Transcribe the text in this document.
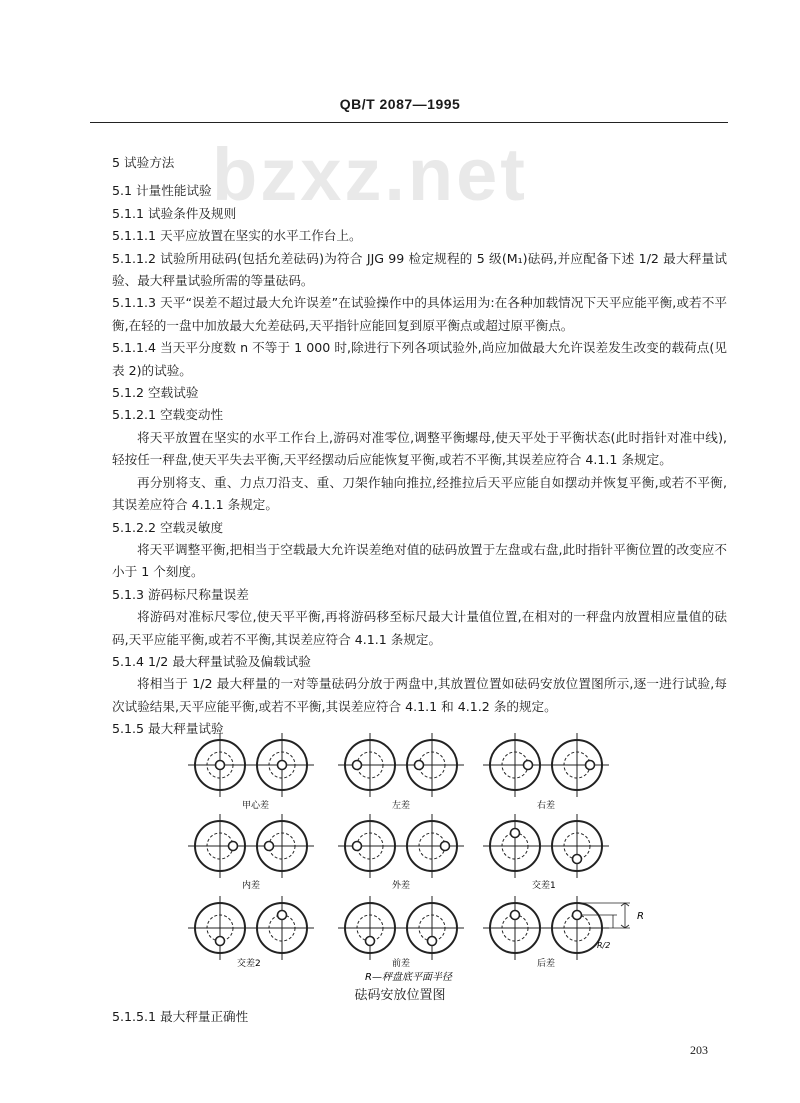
QB/T 2087—1995
bzxz.net

5 试验方法

5.1 计量性能试验

5.1.1 试验条件及规则

5.1.1.1 天平应放置在坚实的水平工作台上。

5.1.1.2 试验所用砝码(包括允差砝码)为符合 JJG 99 检定规程的 5 级(M₁)砝码,并应配备下述 1/2 最大秤量试验、最大秤量试验所需的等量砝码。

5.1.1.3 天平“误差不超过最大允许误差”在试验操作中的具体运用为:在各种加载情况下天平应能平衡,或若不平衡,在轻的一盘中加放最大允差砝码,天平指针应能回复到原平衡点或超过原平衡点。

5.1.1.4 当天平分度数 n 不等于 1 000 时,除进行下列各项试验外,尚应加做最大允许误差发生改变的载荷点(见表 2)的试验。

5.1.2 空载试验

5.1.2.1 空载变动性

将天平放置在坚实的水平工作台上,游码对准零位,调整平衡螺母,使天平处于平衡状态(此时指针对准中线),轻按任一秤盘,使天平失去平衡,天平经摆动后应能恢复平衡,或若不平衡,其误差应符合 4.1.1 条规定。

再分别将支、重、力点刀沿支、重、刀架作轴向推拉,经推拉后天平应能自如摆动并恢复平衡,或若不平衡,其误差应符合 4.1.1 条规定。

5.1.2.2 空载灵敏度

将天平调整平衡,把相当于空载最大允许误差绝对值的砝码放置于左盘或右盘,此时指针平衡位置的改变应不小于 1 个刻度。

5.1.3 游码标尺称量误差

将游码对准标尺零位,使天平平衡,再将游码移至标尺最大计量值位置,在相对的一秤盘内放置相应量值的砝码,天平应能平衡,或若不平衡,其误差应符合 4.1.1 条规定。

5.1.4 1/2 最大秤量试验及偏载试验

将相当于 1/2 最大秤量的一对等量砝码分放于两盘中,其放置位置如砝码安放位置图所示,逐一进行试验,每次试验结果,天平应能平衡,或若不平衡,其误差应符合 4.1.1 和 4.1.2 条的规定。

5.1.5 最大秤量试验

R
R/2
甲心差	左差	右差
内差	外差	交差1
交差2	前差	后差
R—秤盘底平面半径
砝码安放位置图
5.1.5.1 最大秤量正确性
203
